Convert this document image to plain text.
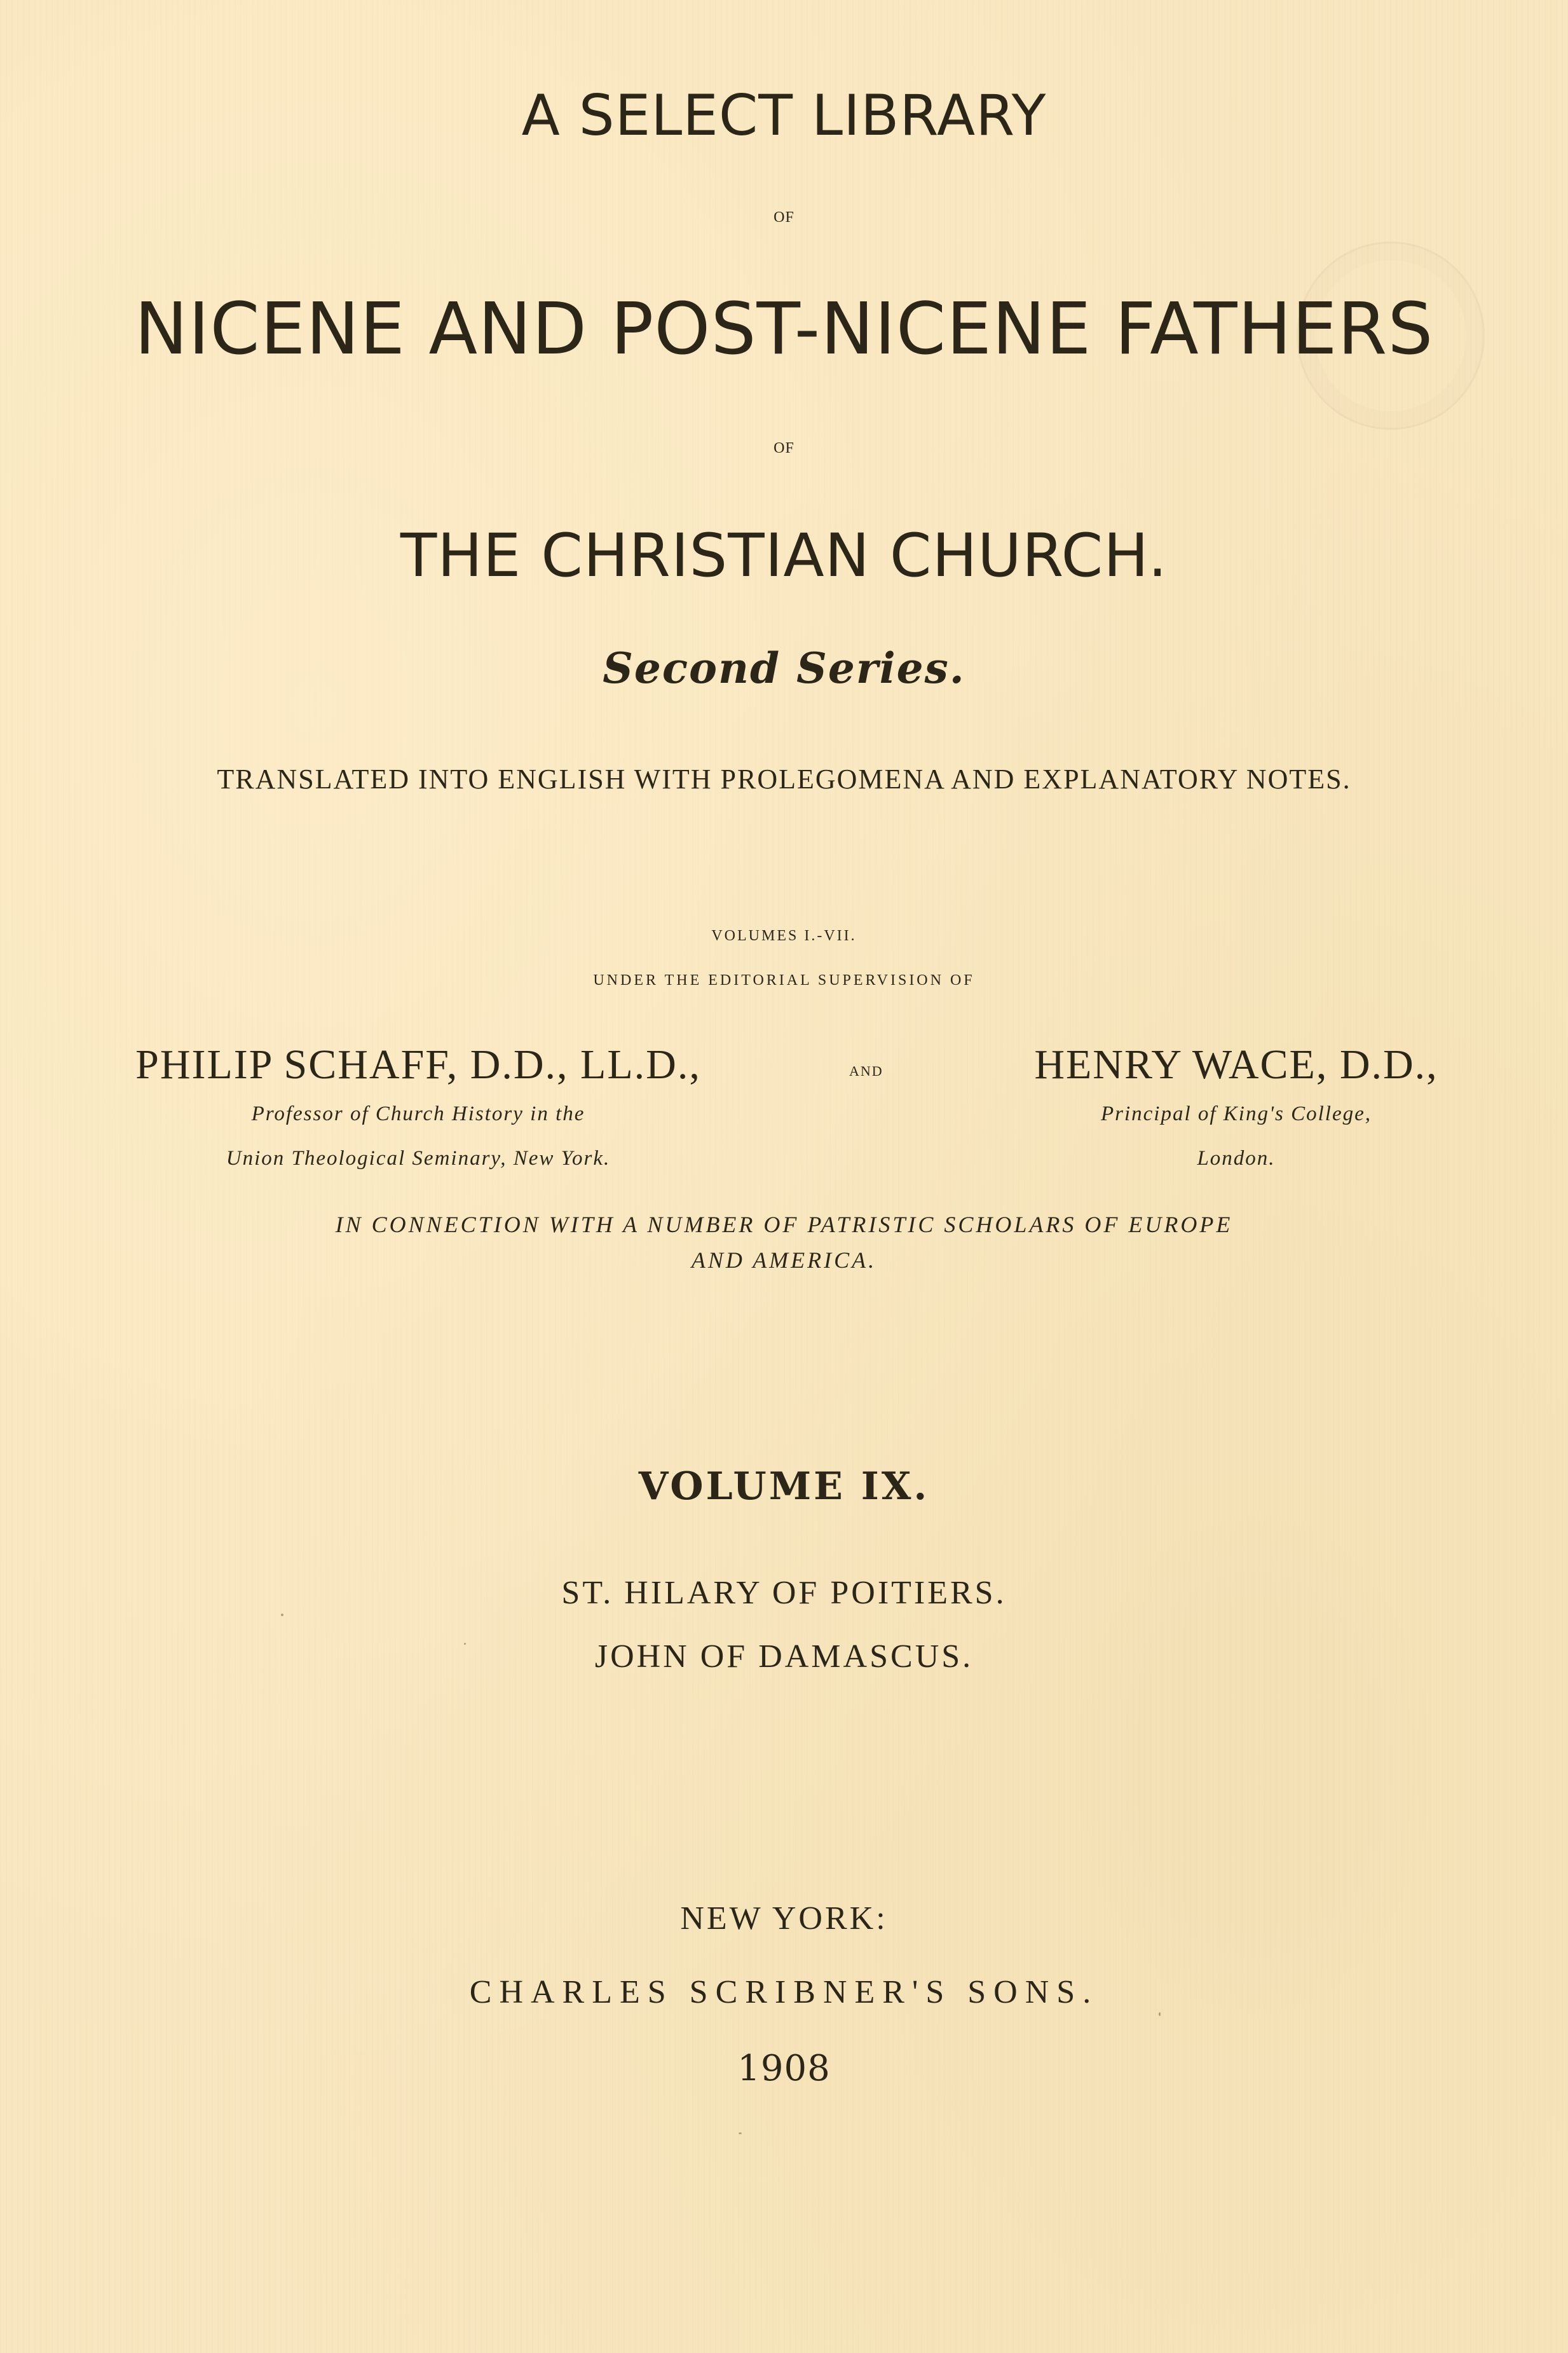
A SELECT LIBRARY
OF
NICENE AND POST-NICENE FATHERS
OF
THE CHRISTIAN CHURCH.
Second Series.
TRANSLATED INTO ENGLISH WITH PROLEGOMENA AND EXPLANATORY NOTES.
VOLUMES I.-VII.
UNDER THE EDITORIAL SUPERVISION OF
PHILIP SCHAFF, D.D., LL.D.,
Professor of Church History in the
Union Theological Seminary, New York.
AND	HENRY WACE, D.D.,
Principal of King's College,
London.
IN CONNECTION WITH A NUMBER OF PATRISTIC SCHOLARS OF EUROPE
AND AMERICA.
VOLUME IX.
ST. HILARY OF POITIERS.
JOHN OF DAMASCUS.
NEW YORK:
CHARLES SCRIBNER'S SONS.
1908
